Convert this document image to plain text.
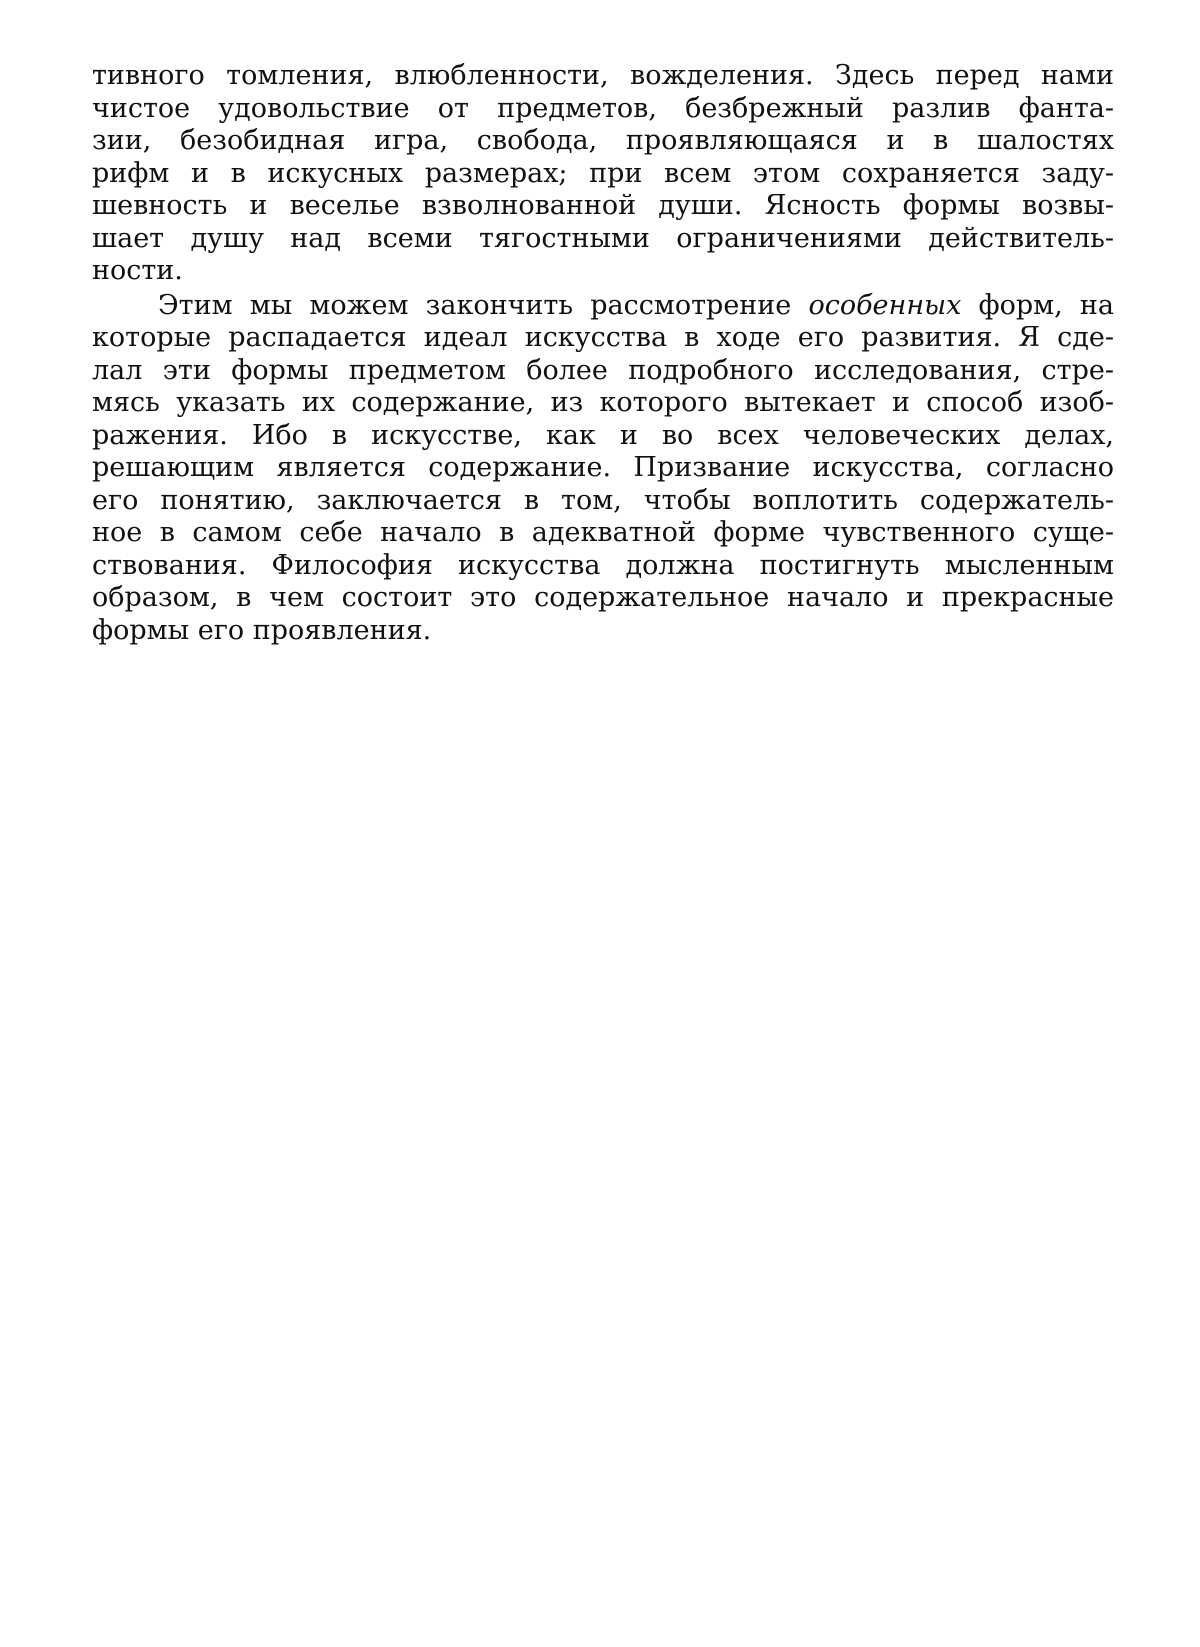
тивного томления, влюбленности, вожделения. Здесь перед нами
чистое удовольствие от предметов, безбрежный разлив фанта-
зии, безобидная игра, свобода, проявляющаяся и в шалостях
рифм и в искусных размерах; при всем этом сохраняется заду-
шевность и веселье взволнованной души. Ясность формы возвы-
шает душу над всеми тягостными ограничениями действитель-
ности.
Этим мы можем закончить рассмотрение особенных форм, на
которые распадается идеал искусства в ходе его развития. Я сде-
лал эти формы предметом более подробного исследования, стре-
мясь указать их содержание, из которого вытекает и способ изоб-
ражения. Ибо в искусстве, как и во всех человеческих делах,
решающим является содержание. Призвание искусства, согласно
его понятию, заключается в том, чтобы воплотить содержатель-
ное в самом себе начало в адекватной форме чувственного суще-
ствования. Философия искусства должна постигнуть мысленным
образом, в чем состоит это содержательное начало и прекрасные
формы его проявления.
